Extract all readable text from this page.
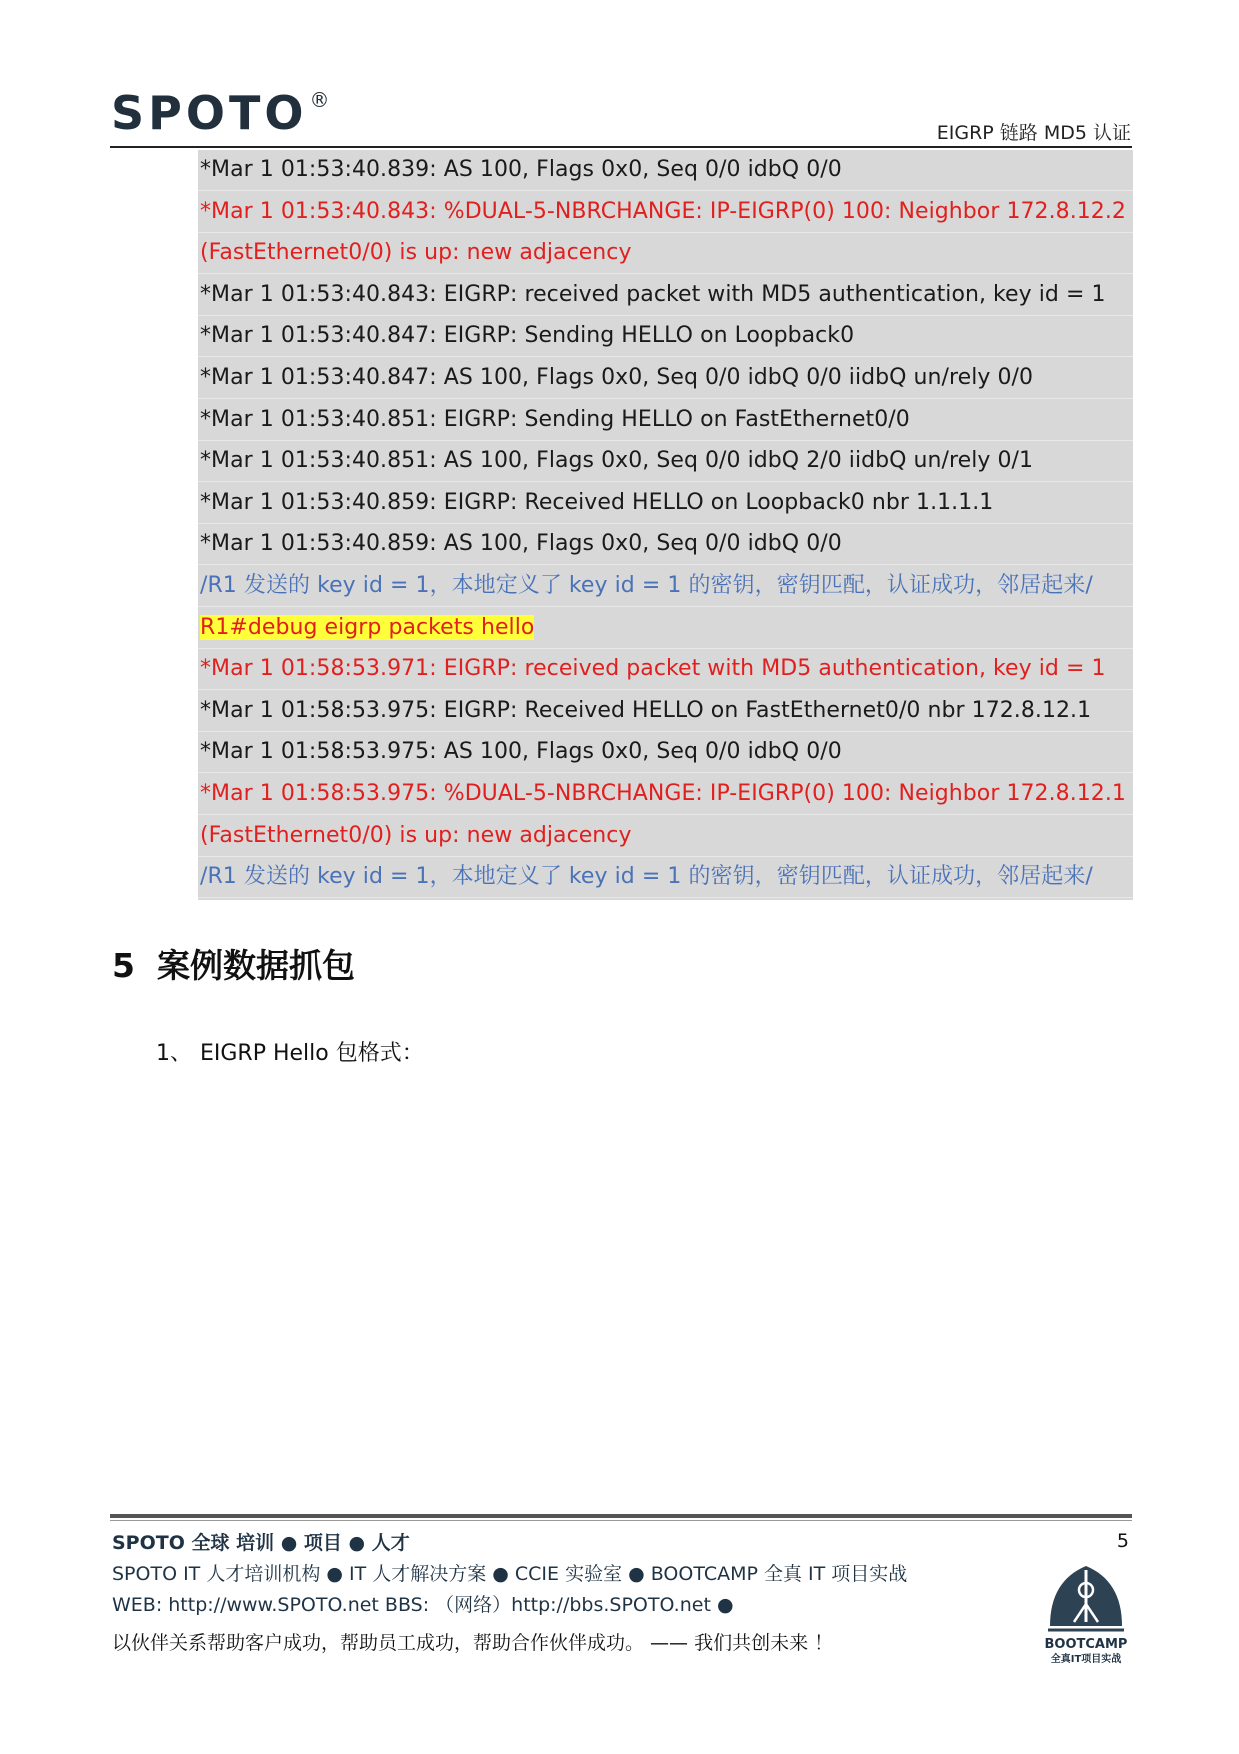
SPOTO ®
EIGRP 链路 MD5 认证
*Mar 1 01:53:40.839: AS 100, Flags 0x0, Seq 0/0 idbQ 0/0
*Mar 1 01:53:40.843: %DUAL-5-NBRCHANGE: IP-EIGRP(0) 100: Neighbor 172.8.12.2
(FastEthernet0/0) is up: new adjacency
*Mar 1 01:53:40.843: EIGRP: received packet with MD5 authentication, key id = 1
*Mar 1 01:53:40.847: EIGRP: Sending HELLO on Loopback0
*Mar 1 01:53:40.847: AS 100, Flags 0x0, Seq 0/0 idbQ 0/0 iidbQ un/rely 0/0
*Mar 1 01:53:40.851: EIGRP: Sending HELLO on FastEthernet0/0
*Mar 1 01:53:40.851: AS 100, Flags 0x0, Seq 0/0 idbQ 2/0 iidbQ un/rely 0/1
*Mar 1 01:53:40.859: EIGRP: Received HELLO on Loopback0 nbr 1.1.1.1
*Mar 1 01:53:40.859: AS 100, Flags 0x0, Seq 0/0 idbQ 0/0
/R1 发送的 key id = 1，本地定义了 key id = 1 的密钥，密钥匹配，认证成功，邻居起来/
R1#debug eigrp packets hello
*Mar 1 01:58:53.971: EIGRP: received packet with MD5 authentication, key id = 1
*Mar 1 01:58:53.975: EIGRP: Received HELLO on FastEthernet0/0 nbr 172.8.12.1
*Mar 1 01:58:53.975: AS 100, Flags 0x0, Seq 0/0 idbQ 0/0
*Mar 1 01:58:53.975: %DUAL-5-NBRCHANGE: IP-EIGRP(0) 100: Neighbor 172.8.12.1
(FastEthernet0/0) is up: new adjacency
/R1 发送的 key id = 1，本地定义了 key id = 1 的密钥，密钥匹配，认证成功，邻居起来/
5 案例数据抓包
1、 EIGRP Hello 包格式：
SPOTO 全球 培训 ● 项目 ● 人才	5
SPOTO IT 人才培训机构 ● IT 人才解决方案 ● CCIE 实验室 ● BOOTCAMP 全真 IT 项目实战
WEB: http://www.SPOTO.net BBS: （网络）http://bbs.SPOTO.net ●
以伙伴关系帮助客户成功，帮助员工成功，帮助合作伙伴成功。 —— 我们共创未来 ！	BOOTCAMP
全真IT项目实战
